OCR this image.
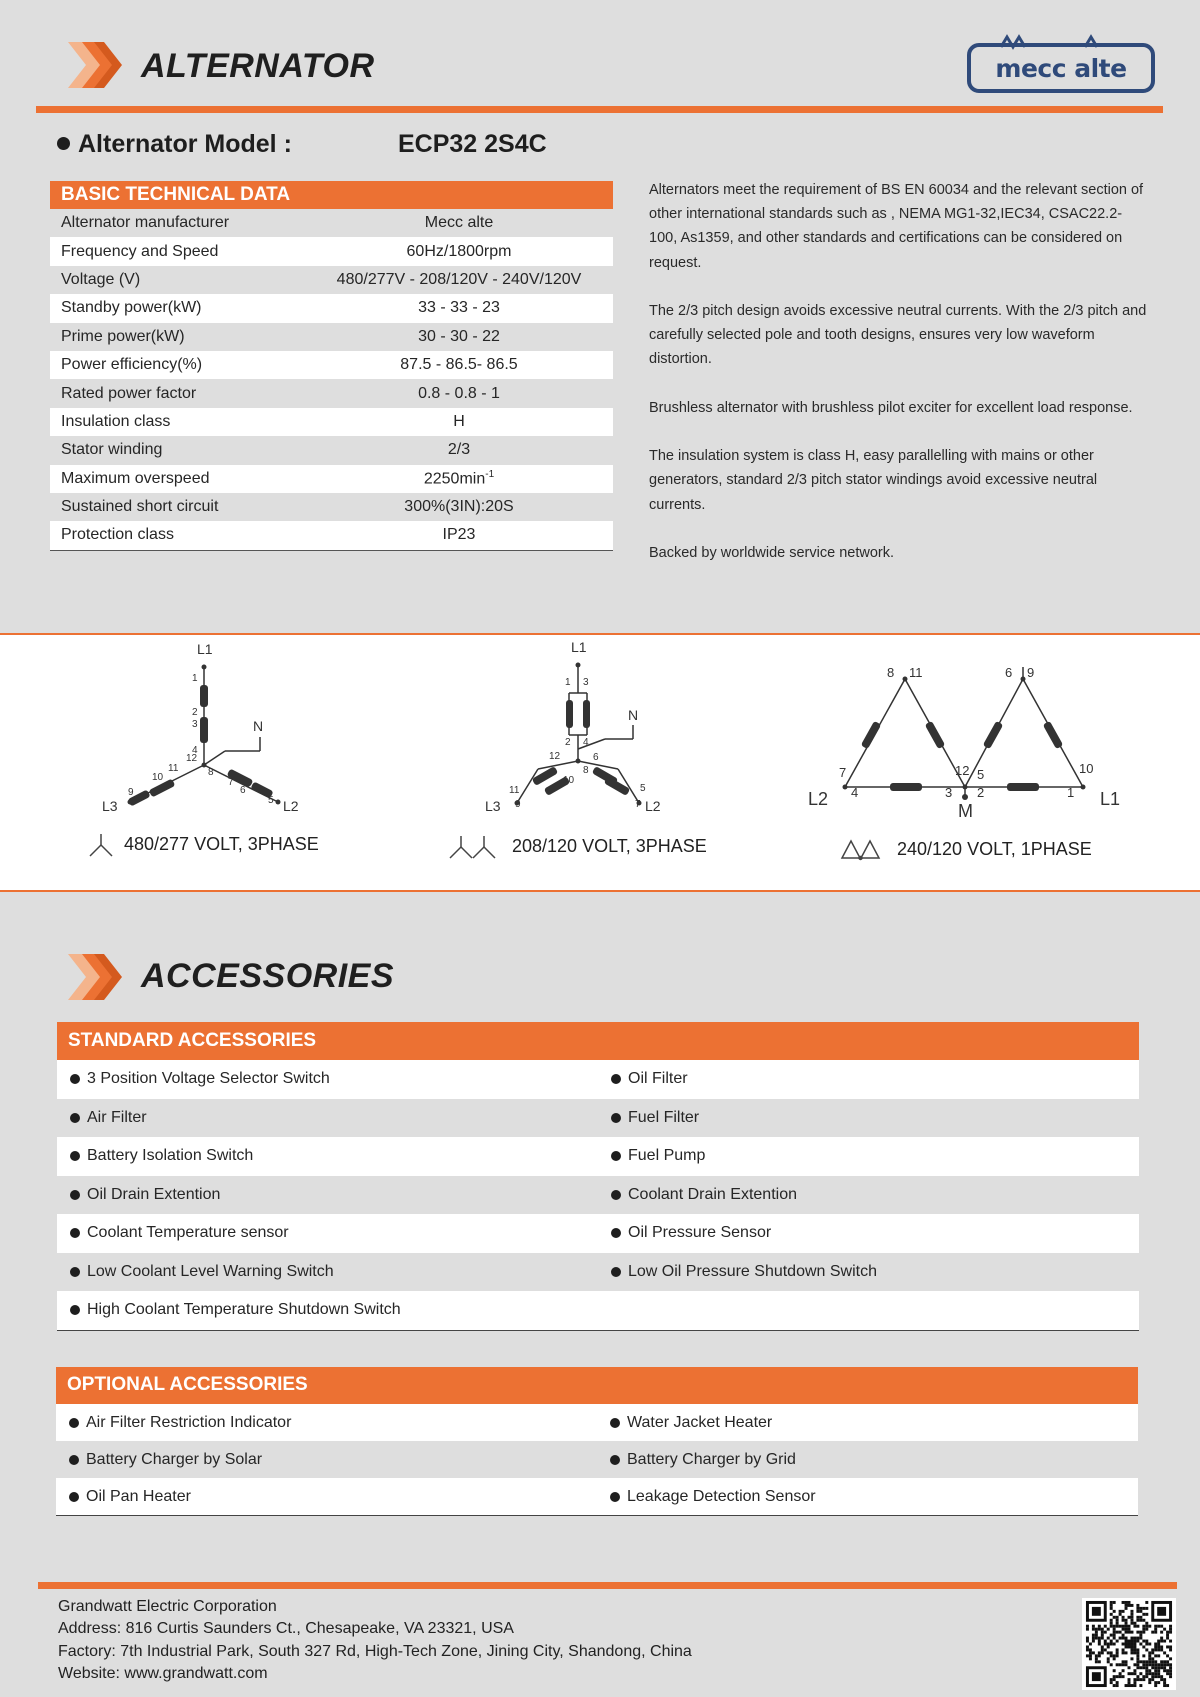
ALTERNATOR	mecc alte
Alternator Model :	ECP32 2S4C
BASIC TECHNICAL DATA
Alternator manufacturer	Mecc alte
Frequency and Speed	60Hz/1800rpm
Voltage (V)	480/277V - 208/120V - 240V/120V
Standby power(kW)	33 - 33 - 23
Prime power(kW)	30 - 30 - 22
Power efficiency(%)	87.5 - 86.5- 86.5
Rated power factor	0.8 - 0.8 - 1
Insulation class	H
Stator winding	2/3
Maximum overspeed	$2250\min^{-1}$
Sustained short circuit	300%(3IN):20S
Protection class	IP23

Alternators meet the requirement of BS EN 60034 and the relevant section of other international standards such as , NEMA MG1-32,IEC34, CSAC22.2-100, As1359, and other standards and certifications can be considered on request.

The 2/3 pitch design avoids excessive neutral currents. With the 2/3 pitch and carefully selected pole and tooth designs, ensures very low waveform distortion.

Brushless alternator with brushless pilot exciter for excellent load response.

The insulation system is class H, easy parallelling with mains or other generators, standard 2/3 pitch stator windings avoid excessive neutral currents.

Backed by worldwide service network.

L1
N
L3	L2
1
2
3
4
5
6
7
8
9
10
11
12
480/277 VOLT, 3PHASE
L1
N
L3	L2
1
2
3
4
5
6
7
8
9
10
11
12
208/120 VOLT, 3PHASE
L2	L1
M
1
2
3
4
5
6
7
8	9
10
11
12
240/120 VOLT, 1PHASE
ACCESSORIES
STANDARD ACCESSORIES
3 Position Voltage Selector Switch	Oil Filter
Air Filter	Fuel Filter
Battery Isolation Switch	Fuel Pump
Oil Drain Extention	Coolant Drain Extention
Coolant Temperature sensor	Oil Pressure Sensor
Low Coolant Level Warning Switch	Low Oil Pressure Shutdown Switch
High Coolant Temperature Shutdown Switch
OPTIONAL ACCESSORIES
Air Filter Restriction Indicator	Water Jacket Heater
Battery Charger by Solar	Battery Charger by Grid
Oil Pan Heater	Leakage Detection Sensor
Grandwatt Electric Corporation
Address: 816 Curtis Saunders Ct., Chesapeake, VA 23321, USA
Factory: 7th Industrial Park, South 327 Rd, High-Tech Zone, Jining City, Shandong, China
Website: www.grandwatt.com
